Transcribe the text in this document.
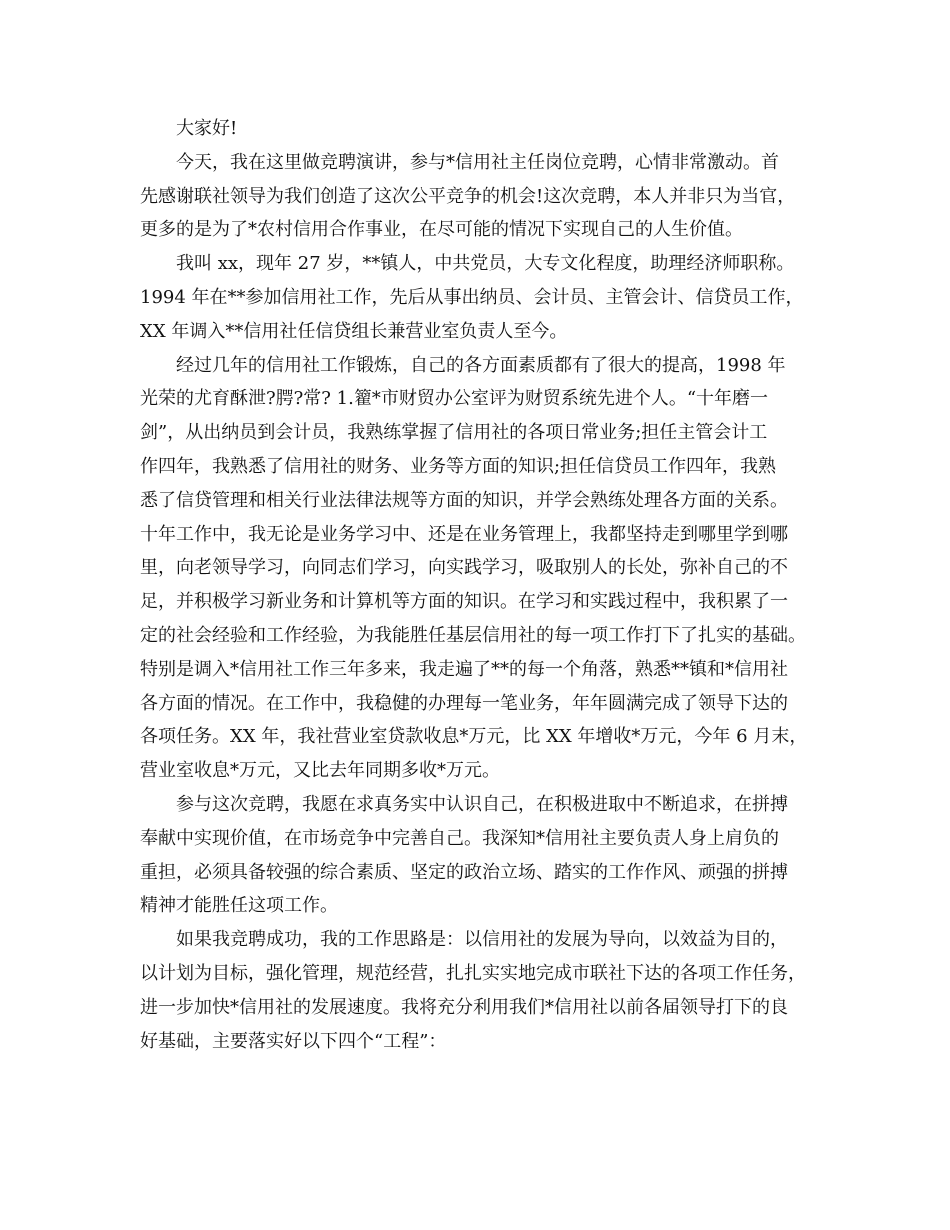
大家好!

今天，我在这里做竞聘演讲，参与*信用社主任岗位竞聘，心情非常激动。首
先感谢联社领导为我们创造了这次公平竞争的机会!这次竞聘，本人并非只为当官，
更多的是为了*农村信用合作事业，在尽可能的情况下实现自己的人生价值。

我叫 xx，现年 27 岁，**镇人，中共党员，大专文化程度，助理经济师职称。
1994 年在**参加信用社工作，先后从事出纳员、会计员、主管会计、信贷员工作，
XX 年调入**信用社任信贷组长兼营业室负责人至今。

经过几年的信用社工作锻炼，自己的各方面素质都有了很大的提高，1998 年
光荣的尤育酥泄?腭?常? 1.籊*市财贸办公室评为财贸系统先进个人。“十年磨一
剑”，从出纳员到会计员，我熟练掌握了信用社的各项日常业务;担任主管会计工
作四年，我熟悉了信用社的财务、业务等方面的知识;担任信贷员工作四年，我熟
悉了信贷管理和相关行业法律法规等方面的知识，并学会熟练处理各方面的关系。
十年工作中，我无论是业务学习中、还是在业务管理上，我都坚持走到哪里学到哪
里，向老领导学习，向同志们学习，向实践学习，吸取别人的长处，弥补自己的不
足，并积极学习新业务和计算机等方面的知识。在学习和实践过程中，我积累了一
定的社会经验和工作经验，为我能胜任基层信用社的每一项工作打下了扎实的基础。
特别是调入*信用社工作三年多来，我走遍了**的每一个角落，熟悉**镇和*信用社
各方面的情况。在工作中，我稳健的办理每一笔业务，年年圆满完成了领导下达的
各项任务。XX 年，我社营业室贷款收息*万元，比 XX 年增收*万元，今年 6 月末，
营业室收息*万元，又比去年同期多收*万元。

参与这次竞聘，我愿在求真务实中认识自己，在积极进取中不断追求，在拼搏
奉献中实现价值，在市场竞争中完善自己。我深知*信用社主要负责人身上肩负的
重担，必须具备较强的综合素质、坚定的政治立场、踏实的工作作风、顽强的拼搏
精神才能胜任这项工作。

如果我竞聘成功，我的工作思路是：以信用社的发展为导向，以效益为目的，
以计划为目标，强化管理，规范经营，扎扎实实地完成市联社下达的各项工作任务，
进一步加快*信用社的发展速度。我将充分利用我们*信用社以前各届领导打下的良
好基础，主要落实好以下四个“工程”：
